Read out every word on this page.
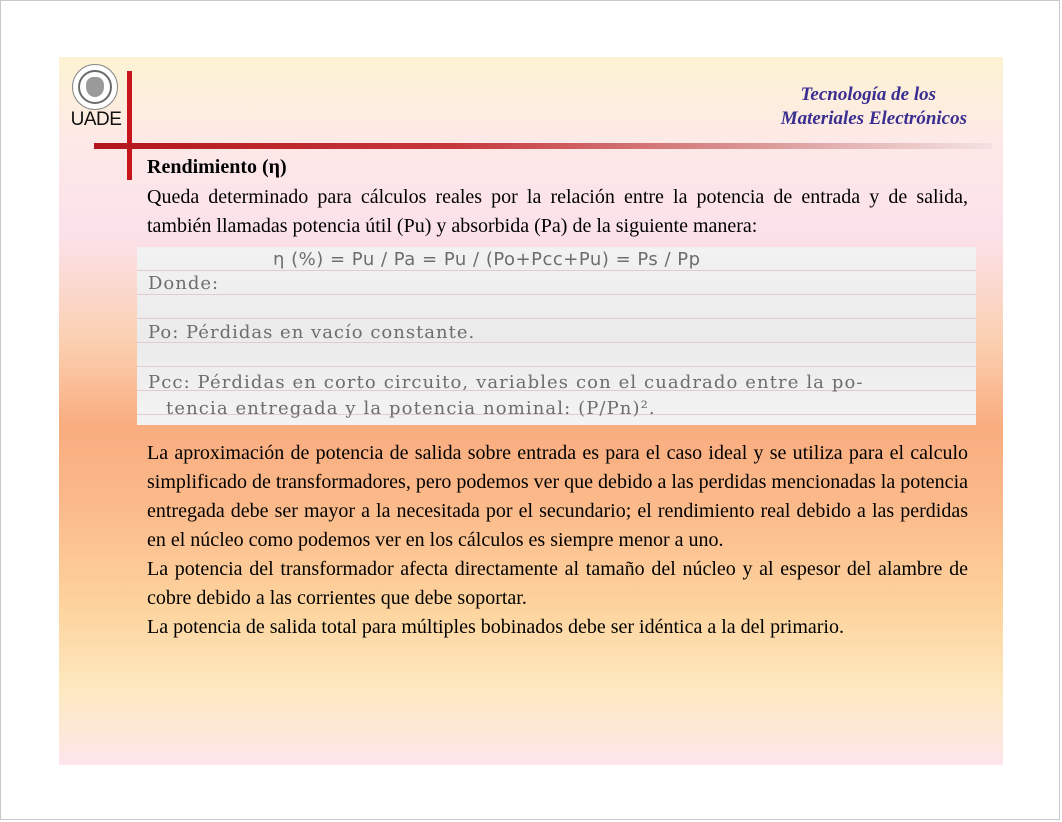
UADE
Tecnología de los
Materiales Electrónicos
Rendimiento (η)

Queda determinado para cálculos reales por la relación entre la potencia de entrada y de salida, también llamadas potencia útil (Pu) y absorbida (Pa) de la siguiente manera:

η (%) = Pu / Pa = Pu / (Po+Pcc+Pu) = Ps / Pp
Donde:
Po: Pérdidas en vacío constante.
Pcc: Pérdidas en corto circuito, variables con el cuadrado entre la po-
tencia entregada y la potencia nominal: (P/Pn)².

La aproximación de potencia de salida sobre entrada es para el caso ideal y se utiliza para el calculo simplificado de transformadores, pero podemos ver que debido a las perdidas mencionadas la potencia entregada debe ser mayor a la necesitada por el secundario; el rendimiento real debido a las perdidas en el núcleo como podemos ver en los cálculos es siempre menor a uno.

La potencia del transformador afecta directamente al tamaño del núcleo y al espesor del alambre de cobre debido a las corrientes que debe soportar.

La potencia de salida total para múltiples bobinados debe ser idéntica a la del primario.
